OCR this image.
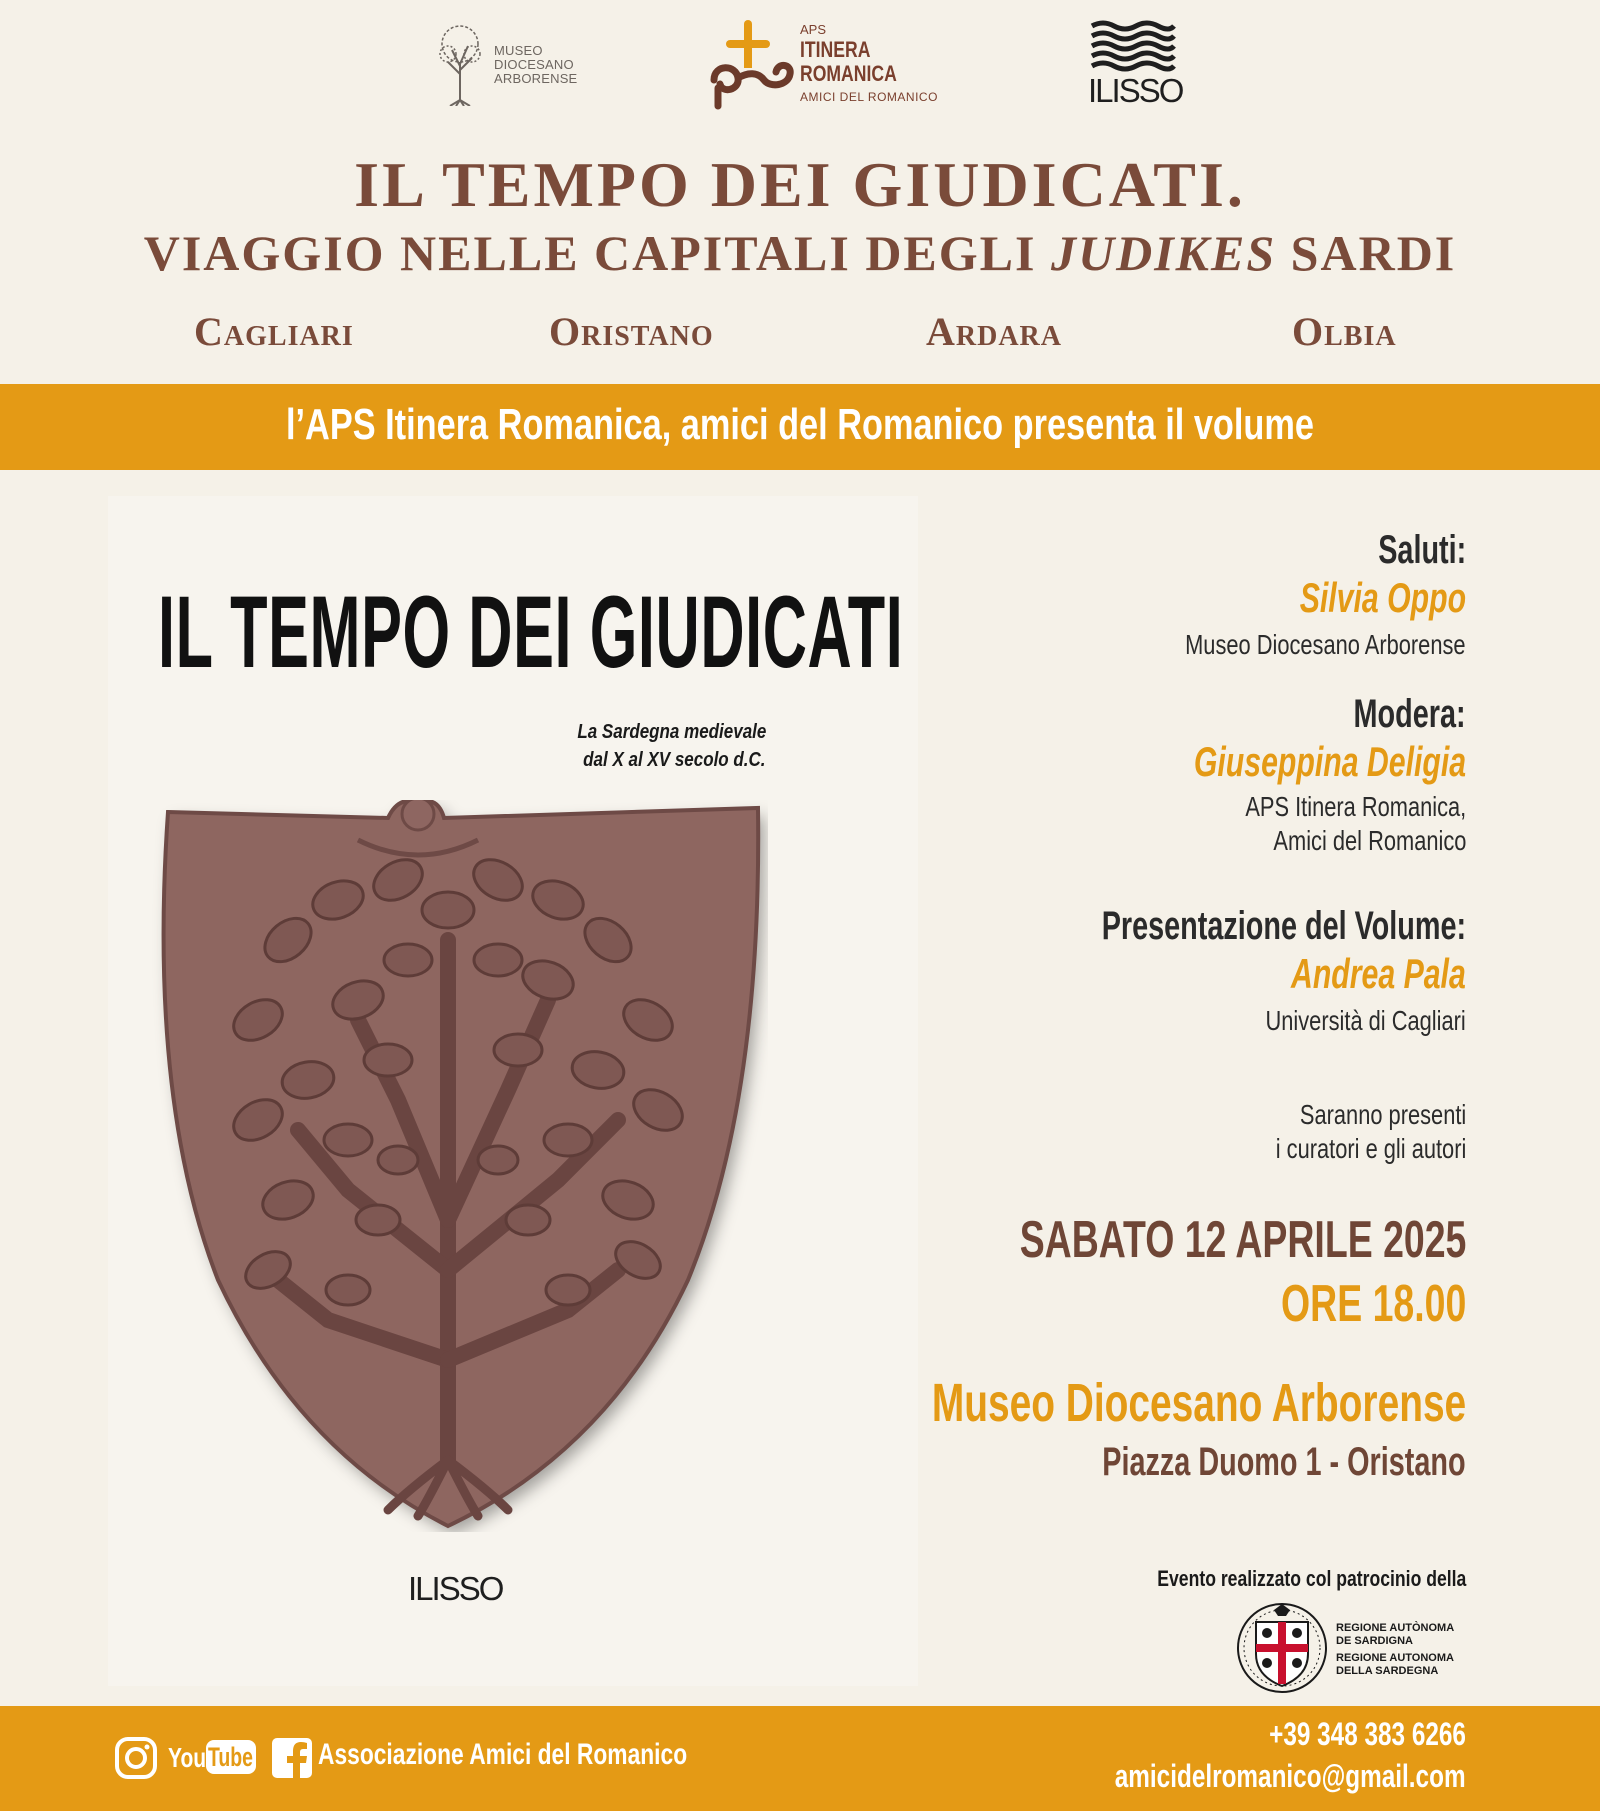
MUSEO
DIOCESANO
ARBORENSE
APS
ITINERA
ROMANICA
AMICI DEL ROMANICO	ILISSO
IL TEMPO DEI GIUDICATI.
VIAGGIO NELLE CAPITALI DEGLI JUDIKES SARDI
Cagliari	Oristano	Ardara	Olbia
l’APS Itinera Romanica, amici del Romanico presenta il volume
IL TEMPO DEI GIUDICATI
La Sardegna medievale
dal X al XV secolo d.C.
ILISSO
Saluti:
Silvia Oppo
Museo Diocesano Arborense
Modera:
Giuseppina Deligia
APS Itinera Romanica,
Amici del Romanico
Presentazione del Volume:
Andrea Pala
Università di Cagliari
Saranno presenti
i curatori e gli autori
SABATO 12 APRILE 2025
ORE 18.00
Museo Diocesano Arborense
Piazza Duomo 1 - Oristano
Evento realizzato col patrocinio della
REGIONE AUTÒNOMA
DE SARDIGNA
REGIONE AUTONOMA
DELLA SARDEGNA
You Tube Associazione Amici del Romanico
+39 348 383 6266
amicidelromanico@gmail.com
